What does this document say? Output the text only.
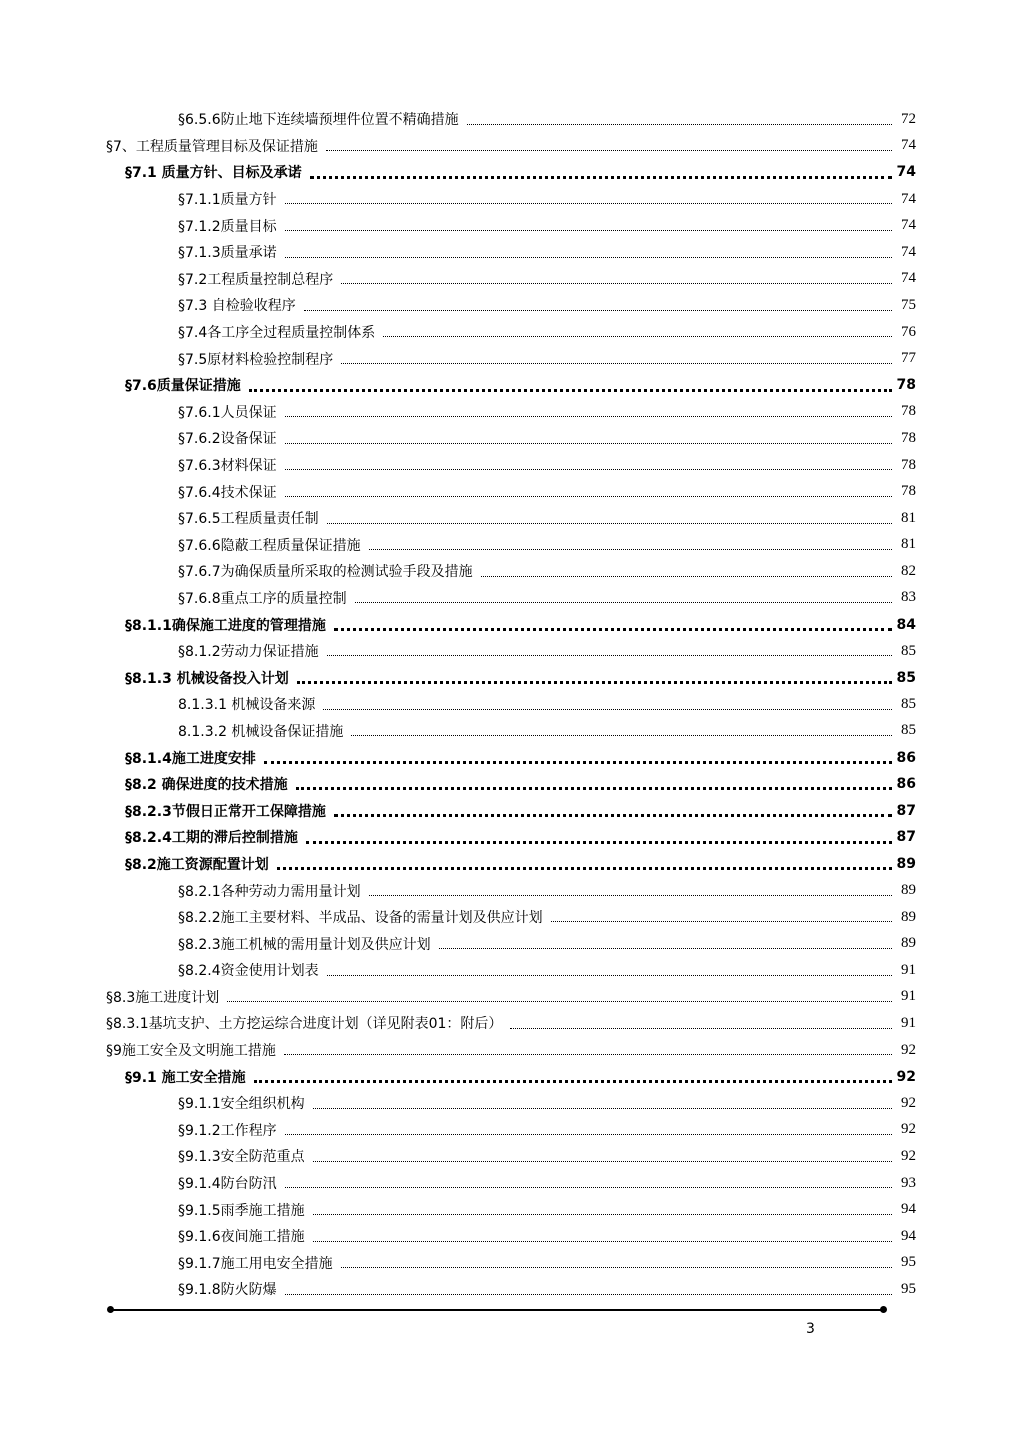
§6.5.6防止地下连续墙预埋件位置不精确措施	72
§7、工程质量管理目标及保证措施	74
§7.1 质量方针、目标及承诺	74
§7.1.1质量方针	74
§7.1.2质量目标	74
§7.1.3质量承诺	74
§7.2工程质量控制总程序	74
§7.3 自检验收程序	75
§7.4各工序全过程质量控制体系	76
§7.5原材料检验控制程序	77
§7.6质量保证措施	78
§7.6.1人员保证	78
§7.6.2设备保证	78
§7.6.3材料保证	78
§7.6.4技术保证	78
§7.6.5工程质量责任制	81
§7.6.6隐蔽工程质量保证措施	81
§7.6.7为确保质量所采取的检测试验手段及措施	82
§7.6.8重点工序的质量控制	83
§8.1.1确保施工进度的管理措施	84
§8.1.2劳动力保证措施	85
§8.1.3 机械设备投入计划	85
8.1.3.1 机械设备来源	85
8.1.3.2 机械设备保证措施	85
§8.1.4施工进度安排	86
§8.2 确保进度的技术措施	86
§8.2.3节假日正常开工保障措施	87
§8.2.4工期的滞后控制措施	87
§8.2施工资源配置计划	89
§8.2.1各种劳动力需用量计划	89
§8.2.2施工主要材料、半成品、设备的需量计划及供应计划	89
§8.2.3施工机械的需用量计划及供应计划	89
§8.2.4资金使用计划表	91
§8.3施工进度计划	91
§8.3.1基坑支护、土方挖运综合进度计划（详见附表01：附后）	91
§9施工安全及文明施工措施	92
§9.1 施工安全措施	92
§9.1.1安全组织机构	92
§9.1.2工作程序	92
§9.1.3安全防范重点	92
§9.1.4防台防汛	93
§9.1.5雨季施工措施	94
§9.1.6夜间施工措施	94
§9.1.7施工用电安全措施	95
§9.1.8防火防爆	95
3
